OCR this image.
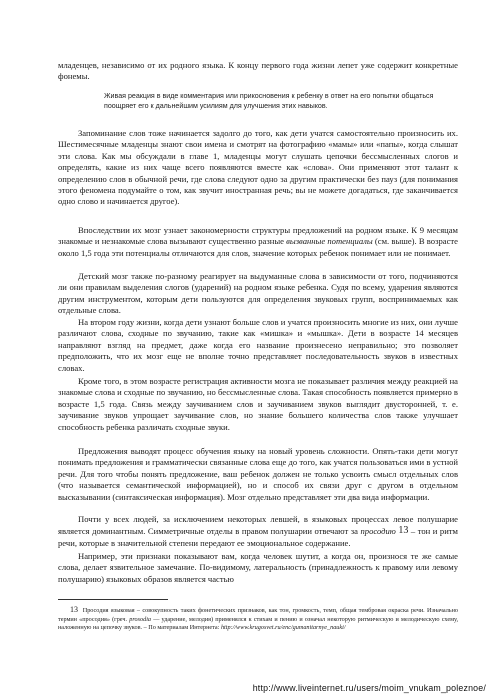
младенцев, независимо от их родного языка. К концу первого года жизни лепет уже содержит конкретные фонемы.

Живая реакция в виде комментария или прикосновения к ребенку в ответ на его попытки общаться поощряет его к дальнейшим усилиям для улучшения этих навыков.

Запоминание слов тоже начинается задолго до того, как дети учатся самостоятельно произносить их. Шестимесячные младенцы знают свои имена и смотрят на фотографию «мамы» или «папы», когда слышат эти слова. Как мы обсуждали в главе 1, младенцы могут слушать цепочки бессмысленных слогов и определять, какие из них чаще всего появляются вместе как «слова». Они применяют этот талант к определению слов в обычной речи, где слова следуют одно за другим практически без пауз (для понимания этого феномена подумайте о том, как звучит иностранная речь; вы не можете догадаться, где заканчивается одно слово и начинается другое).

Впоследствии их мозг узнает закономерности структуры предложений на родном языке. К 9 месяцам знакомые и незнакомые слова вызывают существенно разные вызванные потенциалы (см. выше). В возрасте около 1,5 года эти потенциалы отличаются для слов, значение которых ребенок понимает или не понимает.

Детский мозг также по-разному реагирует на выдуманные слова в зависимости от того, подчиняются ли они правилам выделения слогов (ударений) на родном языке ребенка. Судя по всему, ударения являются другим инструментом, которым дети пользуются для определения звуковых групп, воспринимаемых как отдельные слова.

На втором году жизни, когда дети узнают больше слов и учатся произносить многие из них, они лучше различают слова, сходные по звучанию, такие как «мишка» и «мышка». Дети в возрасте 14 месяцев направляют взгляд на предмет, даже когда его название произнесено неправильно; это позволяет предположить, что их мозг еще не вполне точно представляет последовательность звуков в известных словах.

Кроме того, в этом возрасте регистрация активности мозга не показывает различия между реакцией на знакомые слова и сходные по звучанию, но бессмысленные слова. Такая способность появляется примерно в возрасте 1,5 года. Связь между заучиванием слов и заучиванием звуков выглядит двусторонней, т. е. заучивание звуков упрощает заучивание слов, но знание большего количества слов также улучшает способность ребенка различать сходные звуки.

Предложения выводят процесс обучения языку на новый уровень сложности. Опять-таки дети могут понимать предложения и грамматически связанные слова еще до того, как учатся пользоваться ими в устной речи. Для того чтобы понять предложение, ваш ребенок должен не только усвоить смысл отдельных слов (что называется семантической информацией), но и способ их связи друг с другом в отдельном высказывании (синтаксическая информация). Мозг отдельно представляет эти два вида информации.

Почти у всех людей, за исключением некоторых левшей, в языковых процессах левое полушарие является доминантным. Симметричные отделы в правом полушарии отвечают за просодию 13 – тон и ритм речи, которые в значительной степени передают ее эмоциональное содержание.

Например, эти признаки показывают вам, когда человек шутит, а когда он, произнося те же самые слова, делает язвительное замечание. По-видимому, латеральность (принадлежность к правому или левому полушарию) языковых образов является частью

13 Просодия языковая – совокупность таких фонетических признаков, как тон, громкость, темп, общая тембровая окраска речи. Изначально термин «просодия» (греч. prosodia — ударение, мелодия) применялся к стихам и пению и означал некоторую ритмическую и мелодическую схему, наложенную на цепочку звуков. – По материалам Интернета: http://www.krugosvet.ru/enc/gumanitarnye_nauki/

http://www.liveinternet.ru/users/moim_vnukam_poleznoe/
